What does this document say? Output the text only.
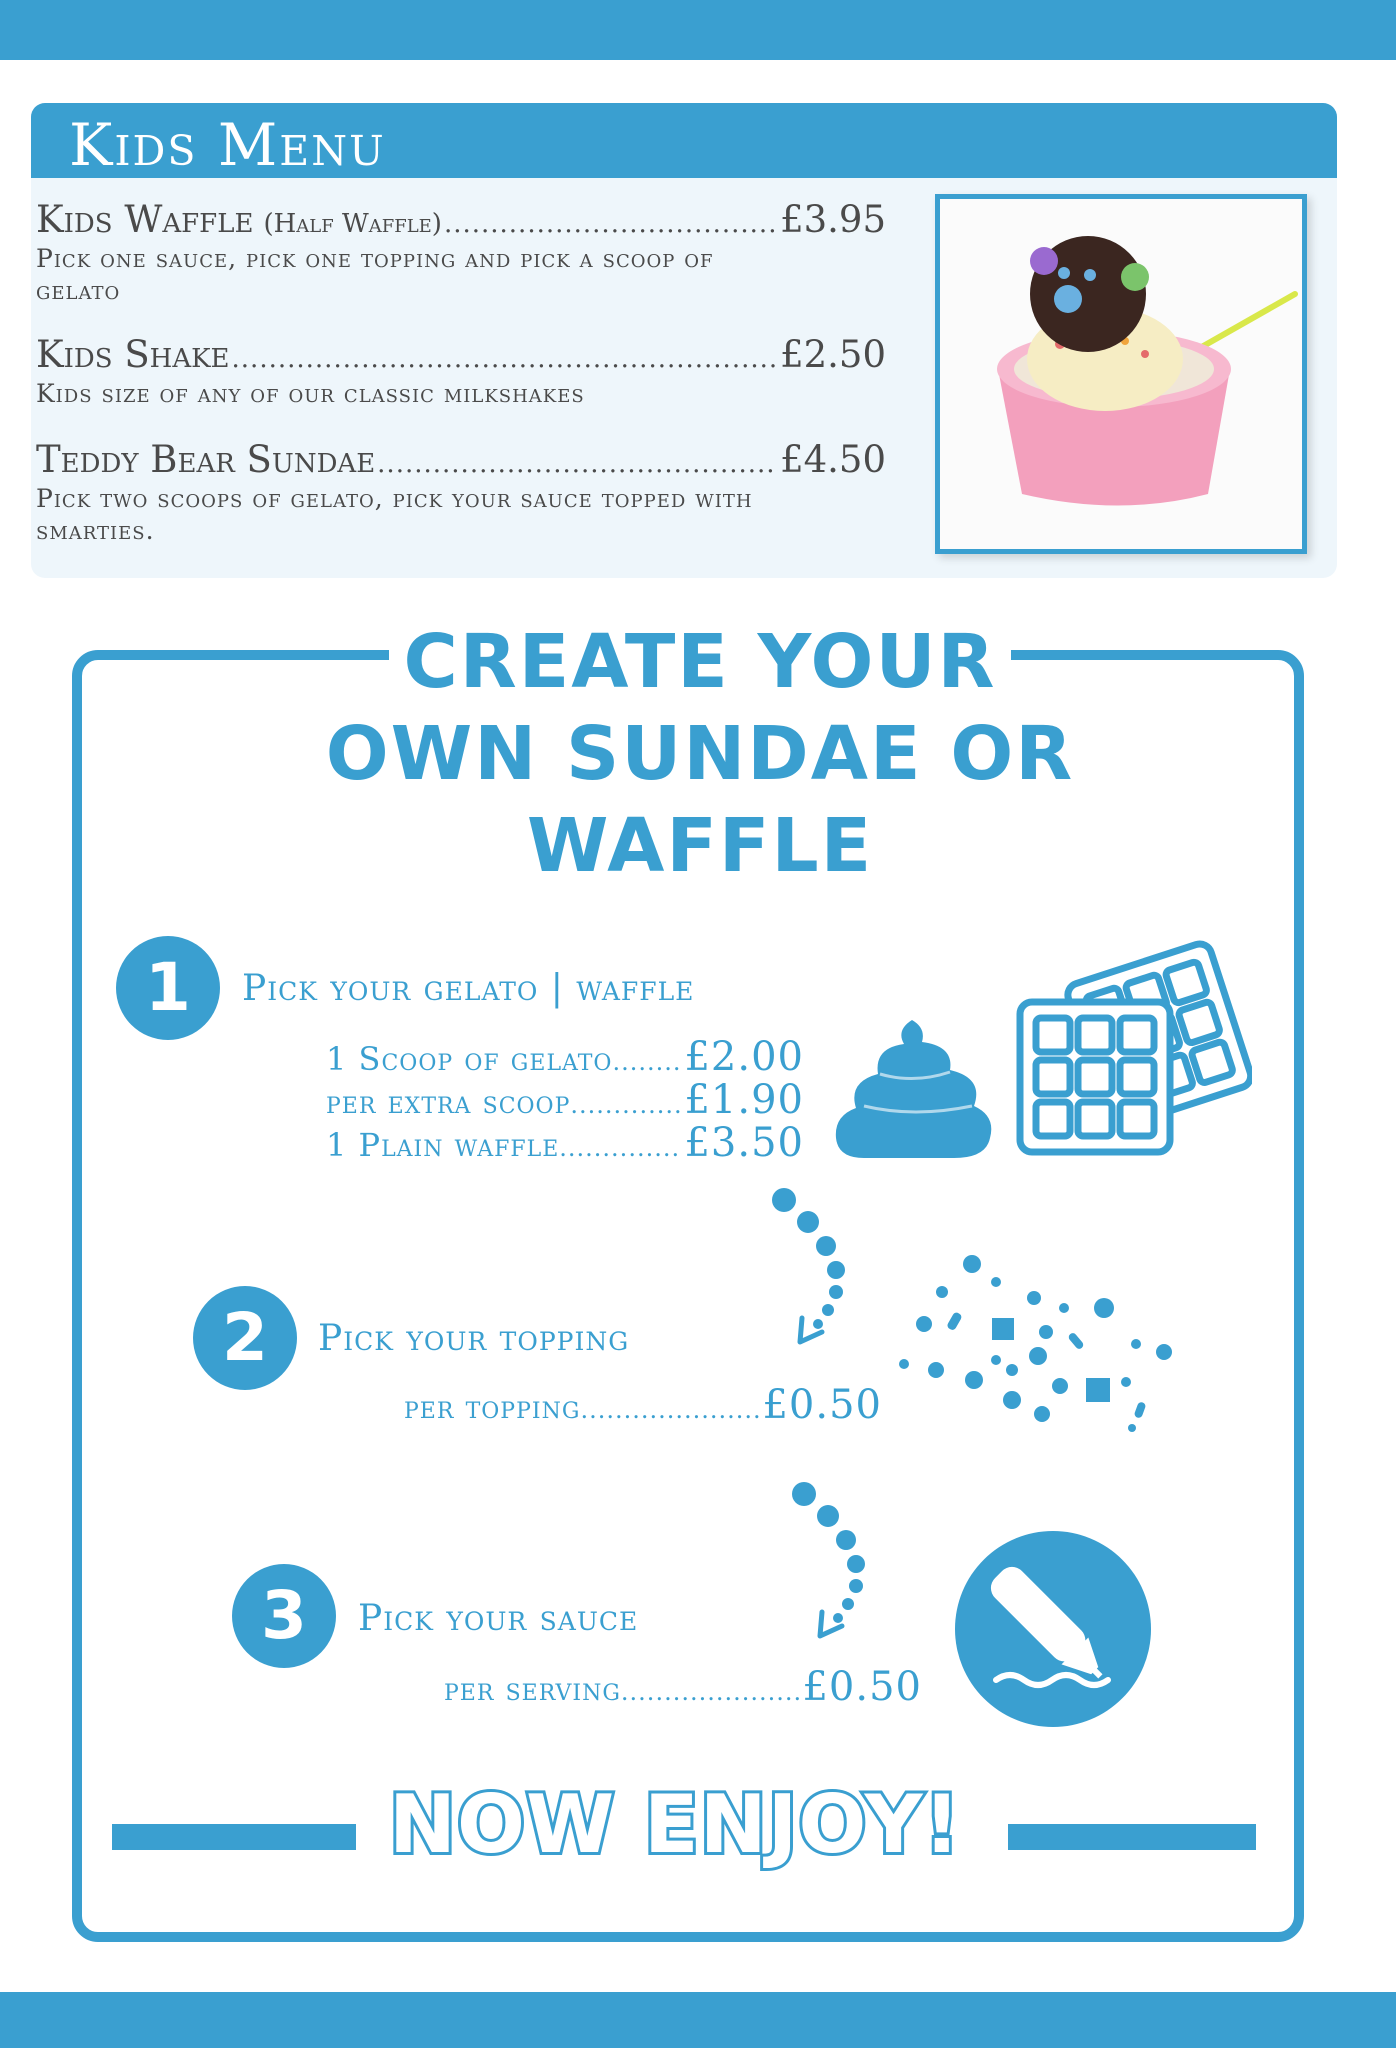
Kids Menu
Kids Waffle (Half Waffle) .....	£3.95
Pick one sauce, pick one topping and pick a scoop of gelato
Kids Shake .....	£2.50
Kids size of any of our classic milkshakes
Teddy Bear Sundae .....	£4.50
Pick two scoops of gelato, pick your sauce topped with smarties.
CREATE YOUR
OWN SUNDAE OR
WAFFLE
1	Pick your gelato | waffle
1 Scoop of gelato ..... £2.00
per extra scoop .....	£1.90
1 Plain waffle .....	£3.50
2	Pick your topping
per topping .....	£0.50
3	Pick your sauce
per serving .....	£0.50
NOW ENJOY!
